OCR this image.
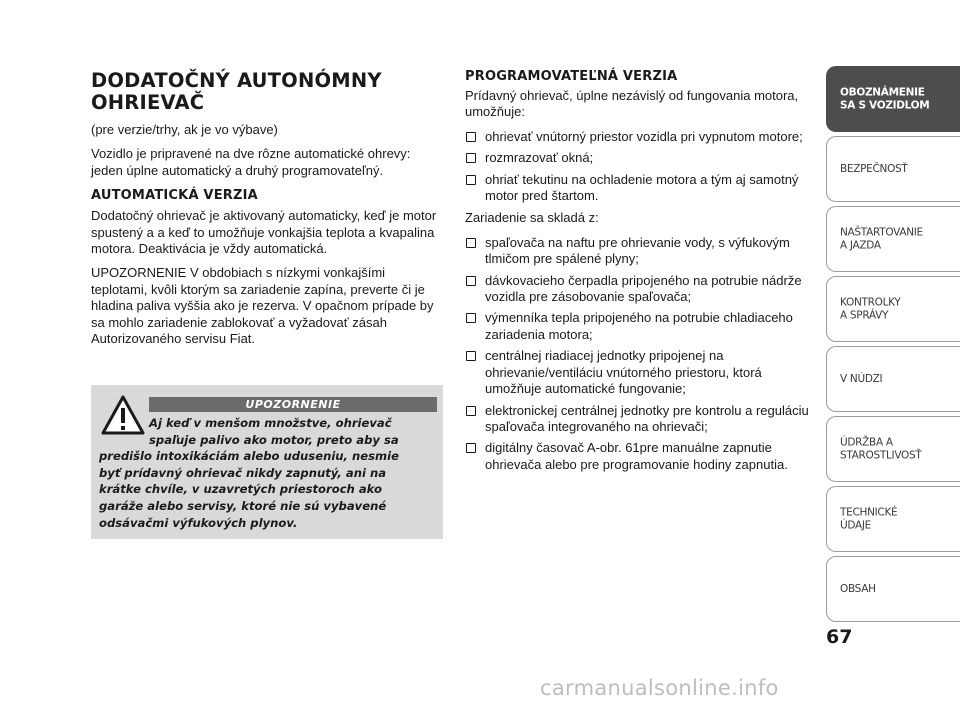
DODATOČNÝ AUTONÓMNY OHRIEVAČ

(pre verzie/trhy, ak je vo výbave)

Vozidlo je pripravené na dve rôzne automatické ohrevy: jeden úplne automatický a druhý programovateľný.

AUTOMATICKÁ VERZIA

Dodatočný ohrievač je aktivovaný automaticky, keď je motor spustený a a keď to umožňuje vonkajšia teplota a kvapalina motora. Deaktivácia je vždy automatická.

UPOZORNENIE V obdobiach s nízkymi vonkajšími teplotami, kvôli ktorým sa zariadenie zapína, preverte či je hladina paliva vyššia ako je rezerva. V opačnom prípade by sa mohlo zariadenie zablokovať a vyžadovať zásah Autorizovaného servisu Fiat.

UPOZORNENIE
Aj keď v menšom množstve, ohrievač spaľuje palivo ako motor, preto aby sa predišlo intoxikáciám alebo uduseniu, nesmie byť prídavný ohrievač nikdy zapnutý, ani na krátke chvíle, v uzavretých priestoroch ako garáže alebo servisy, ktoré nie sú vybavené odsávačmi výfukových plynov.
PROGRAMOVATEĽNÁ VERZIA

Prídavný ohrievač, úplne nezávislý od fungovania motora, umožňuje:

ohrievať vnútorný priestor vozidla pri vypnutom motore;
rozmrazovať okná;
ohriať tekutinu na ochladenie motora a tým aj samotný motor pred štartom.

Zariadenie sa skladá z:

spaľovača na naftu pre ohrievanie vody, s výfukovým tlmičom pre spálené plyny;
dávkovacieho čerpadla pripojeného na potrubie nádrže vozidla pre zásobovanie spaľovača;
výmenníka tepla pripojeného na potrubie chladiaceho zariadenia motora;
centrálnej riadiacej jednotky pripojenej na ohrievanie/ventiláciu vnútorného priestoru, ktorá umožňuje automatické fungovanie;
elektronickej centrálnej jednotky pre kontrolu a reguláciu spaľovača integrovaného na ohrievači;
digitálny časovač A-obr. 61pre manuálne zapnutie ohrievača alebo pre programovanie hodiny zapnutia.
OBOZNÁMENIE
SA S VOZIDLOM
BEZPEČNOSŤ
NAŠTARTOVANIE
A JAZDA
KONTROLKY
A SPRÁVY
V NÚDZI
ÚDRŽBA A
STAROSTLIVOSŤ
TECHNICKÉ
ÚDAJE
OBSAH
67
carmanualsonline.info
